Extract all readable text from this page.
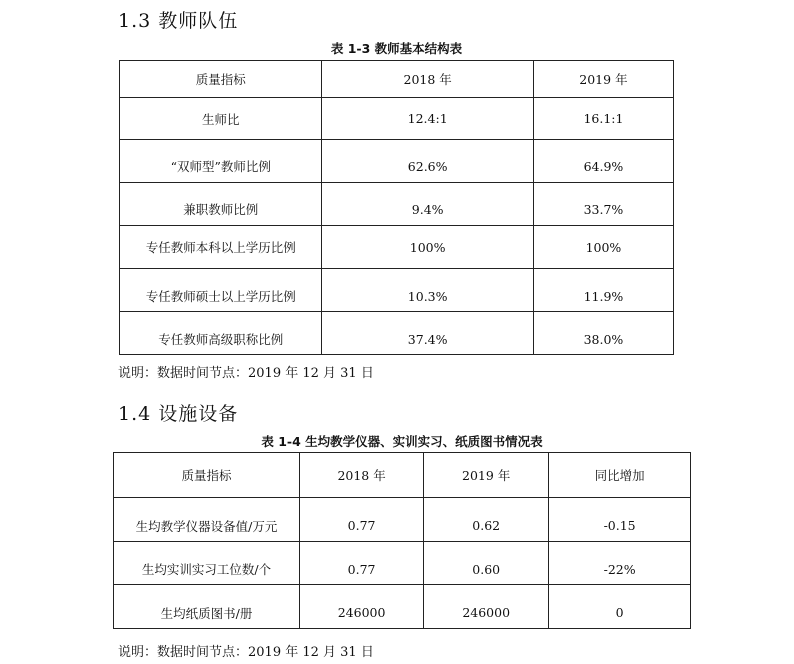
1.3 教师队伍
表 1-3 教师基本结构表
质量指标	2018 年	2019 年
生师比	12.4:1	16.1:1
“双师型”教师比例	62.6%	64.9%
兼职教师比例	9.4%	33.7%
专任教师本科以上学历比例	100%	100%
专任教师硕士以上学历比例	10.3%	11.9%
专任教师高级职称比例	37.4%	38.0%
说明：数据时间节点：2019 年 12 月 31 日
1.4 设施设备
表 1-4 生均教学仪器、实训实习、纸质图书情况表
质量指标	2018 年	2019 年	同比增加
生均教学仪器设备值/万元	0.77	0.62	-0.15
生均实训实习工位数/个	0.77	0.60	-22%
生均纸质图书/册	246000	246000	0
说明：数据时间节点：2019 年 12 月 31 日
